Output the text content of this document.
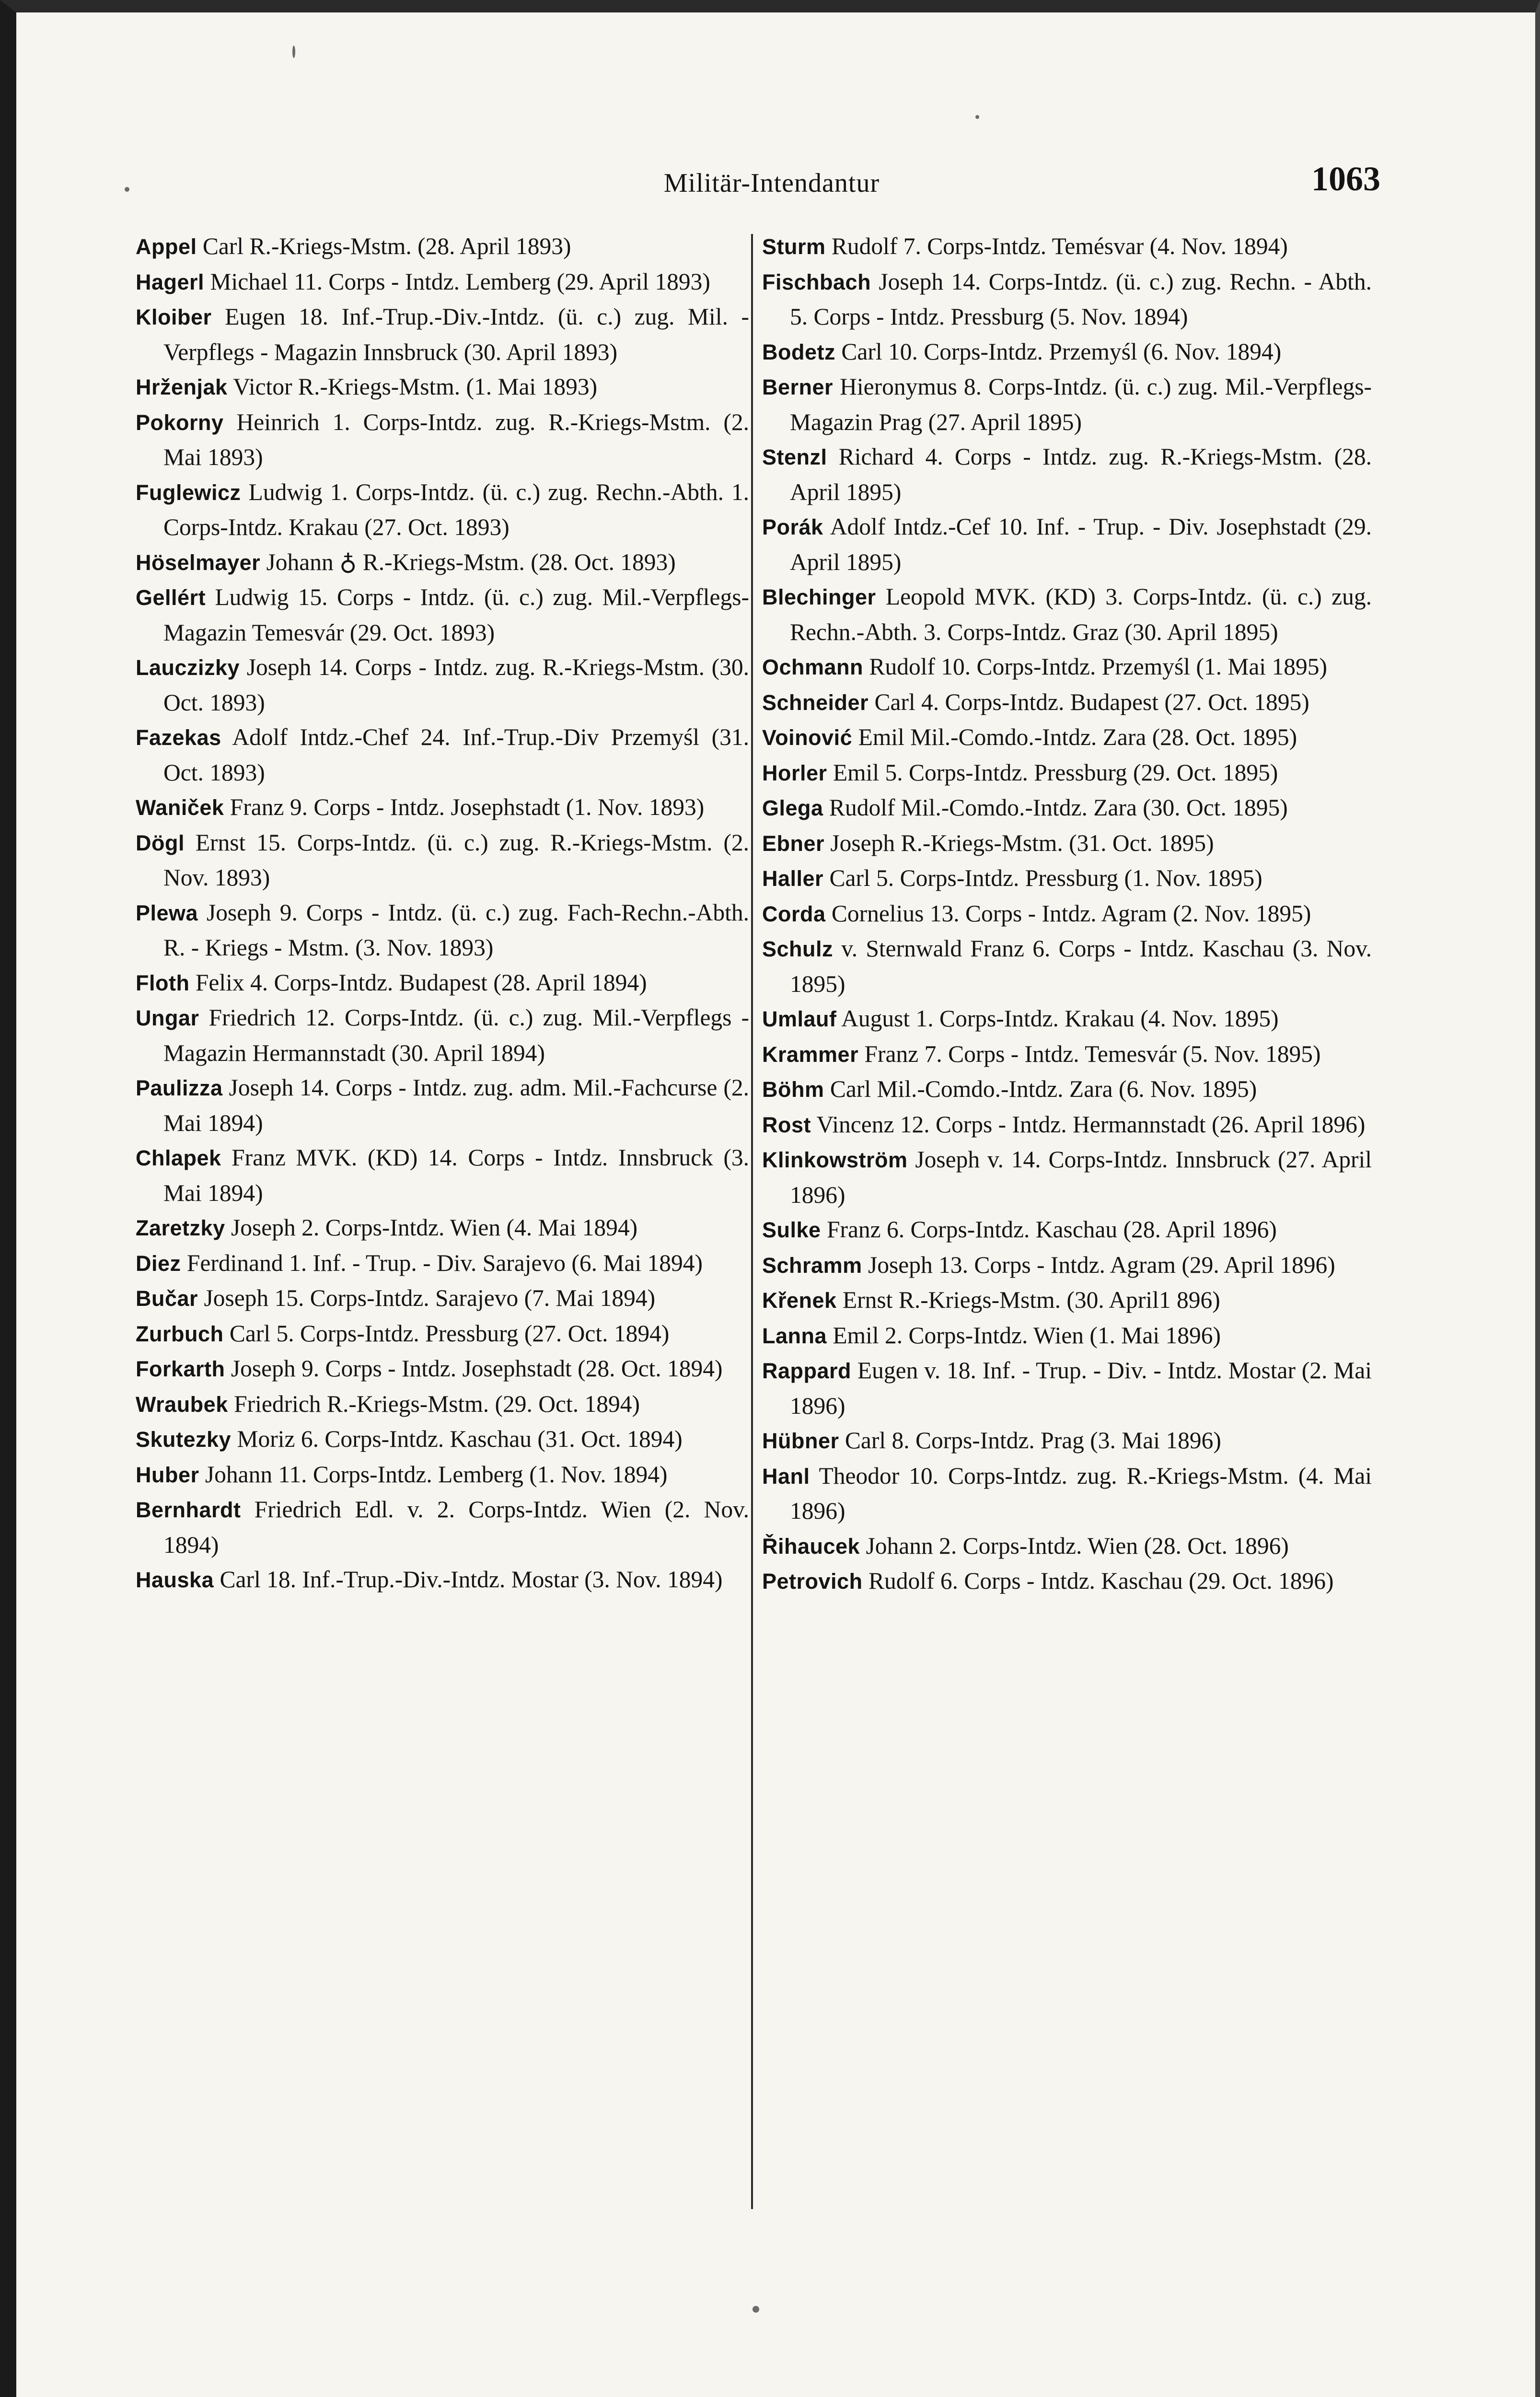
Militär-Intendantur	1063

Appel Carl R.-Kriegs-Mstm. (28. April 1893)

Hagerl Michael 11. Corps - Intdz. Lemberg (29. April 1893)

Kloiber Eugen 18. Inf.-Trup.-Div.-Intdz. (ü. c.) zug. Mil. - Verpflegs - Magazin Innsbruck (30. April 1893)

Hrženjak Victor R.-Kriegs-Mstm. (1. Mai 1893)

Pokorny Heinrich 1. Corps-Intdz. zug. R.-Kriegs-Mstm. (2. Mai 1893)

Fuglewicz Ludwig 1. Corps-Intdz. (ü. c.) zug. Rechn.-Abth. 1. Corps-Intdz. Krakau (27. Oct. 1893)

Höselmayer Johann ♁ R.-Kriegs-Mstm. (28. Oct. 1893)

Gellért Ludwig 15. Corps - Intdz. (ü. c.) zug. Mil.-Verpflegs-Magazin Temesvár (29. Oct. 1893)

Lauczizky Joseph 14. Corps - Intdz. zug. R.-Kriegs-Mstm. (30. Oct. 1893)

Fazekas Adolf Intdz.-Chef 24. Inf.-Trup.-Div Przemyśl (31. Oct. 1893)

Waniček Franz 9. Corps - Intdz. Josephstadt (1. Nov. 1893)

Dögl Ernst 15. Corps-Intdz. (ü. c.) zug. R.-Kriegs-Mstm. (2. Nov. 1893)

Plewa Joseph 9. Corps - Intdz. (ü. c.) zug. Fach-Rechn.-Abth. R. - Kriegs - Mstm. (3. Nov. 1893)

Floth Felix 4. Corps-Intdz. Budapest (28. April 1894)

Ungar Friedrich 12. Corps-Intdz. (ü. c.) zug. Mil.-Verpflegs - Magazin Hermannstadt (30. April 1894)

Paulizza Joseph 14. Corps - Intdz. zug. adm. Mil.-Fachcurse (2. Mai 1894)

Chlapek Franz MVK. (KD) 14. Corps - Intdz. Innsbruck (3. Mai 1894)

Zaretzky Joseph 2. Corps-Intdz. Wien (4. Mai 1894)

Diez Ferdinand 1. Inf. - Trup. - Div. Sarajevo (6. Mai 1894)

Bučar Joseph 15. Corps-Intdz. Sarajevo (7. Mai 1894)

Zurbuch Carl 5. Corps-Intdz. Pressburg (27. Oct. 1894)

Forkarth Joseph 9. Corps - Intdz. Josephstadt (28. Oct. 1894)

Wraubek Friedrich R.-Kriegs-Mstm. (29. Oct. 1894)

Skutezky Moriz 6. Corps-Intdz. Kaschau (31. Oct. 1894)

Huber Johann 11. Corps-Intdz. Lemberg (1. Nov. 1894)

Bernhardt Friedrich Edl. v. 2. Corps-Intdz. Wien (2. Nov. 1894)

Hauska Carl 18. Inf.-Trup.-Div.-Intdz. Mostar (3. Nov. 1894)

Sturm Rudolf 7. Corps-Intdz. Temésvar (4. Nov. 1894)

Fischbach Joseph 14. Corps-Intdz. (ü. c.) zug. Rechn. - Abth. 5. Corps - Intdz. Pressburg (5. Nov. 1894)

Bodetz Carl 10. Corps-Intdz. Przemyśl (6. Nov. 1894)

Berner Hieronymus 8. Corps-Intdz. (ü. c.) zug. Mil.-Verpflegs-Magazin Prag (27. April 1895)

Stenzl Richard 4. Corps - Intdz. zug. R.-Kriegs-Mstm. (28. April 1895)

Porák Adolf Intdz.-Cef 10. Inf. - Trup. - Div. Josephstadt (29. April 1895)

Blechinger Leopold MVK. (KD) 3. Corps-Intdz. (ü. c.) zug. Rechn.-Abth. 3. Corps-Intdz. Graz (30. April 1895)

Ochmann Rudolf 10. Corps-Intdz. Przemyśl (1. Mai 1895)

Schneider Carl 4. Corps-Intdz. Budapest (27. Oct. 1895)

Voinović Emil Mil.-Comdo.-Intdz. Zara (28. Oct. 1895)

Horler Emil 5. Corps-Intdz. Pressburg (29. Oct. 1895)

Glega Rudolf Mil.-Comdo.-Intdz. Zara (30. Oct. 1895)

Ebner Joseph R.-Kriegs-Mstm. (31. Oct. 1895)

Haller Carl 5. Corps-Intdz. Pressburg (1. Nov. 1895)

Corda Cornelius 13. Corps - Intdz. Agram (2. Nov. 1895)

Schulz v. Sternwald Franz 6. Corps - Intdz. Kaschau (3. Nov. 1895)

Umlauf August 1. Corps-Intdz. Krakau (4. Nov. 1895)

Krammer Franz 7. Corps - Intdz. Temesvár (5. Nov. 1895)

Böhm Carl Mil.-Comdo.-Intdz. Zara (6. Nov. 1895)

Rost Vincenz 12. Corps - Intdz. Hermannstadt (26. April 1896)

Klinkowström Joseph v. 14. Corps-Intdz. Innsbruck (27. April 1896)

Sulke Franz 6. Corps-Intdz. Kaschau (28. April 1896)

Schramm Joseph 13. Corps - Intdz. Agram (29. April 1896)

Křenek Ernst R.-Kriegs-Mstm. (30. April1 896)

Lanna Emil 2. Corps-Intdz. Wien (1. Mai 1896)

Rappard Eugen v. 18. Inf. - Trup. - Div. - Intdz. Mostar (2. Mai 1896)

Hübner Carl 8. Corps-Intdz. Prag (3. Mai 1896)

Hanl Theodor 10. Corps-Intdz. zug. R.-Kriegs-Mstm. (4. Mai 1896)

Řihaucek Johann 2. Corps-Intdz. Wien (28. Oct. 1896)

Petrovich Rudolf 6. Corps - Intdz. Kaschau (29. Oct. 1896)
